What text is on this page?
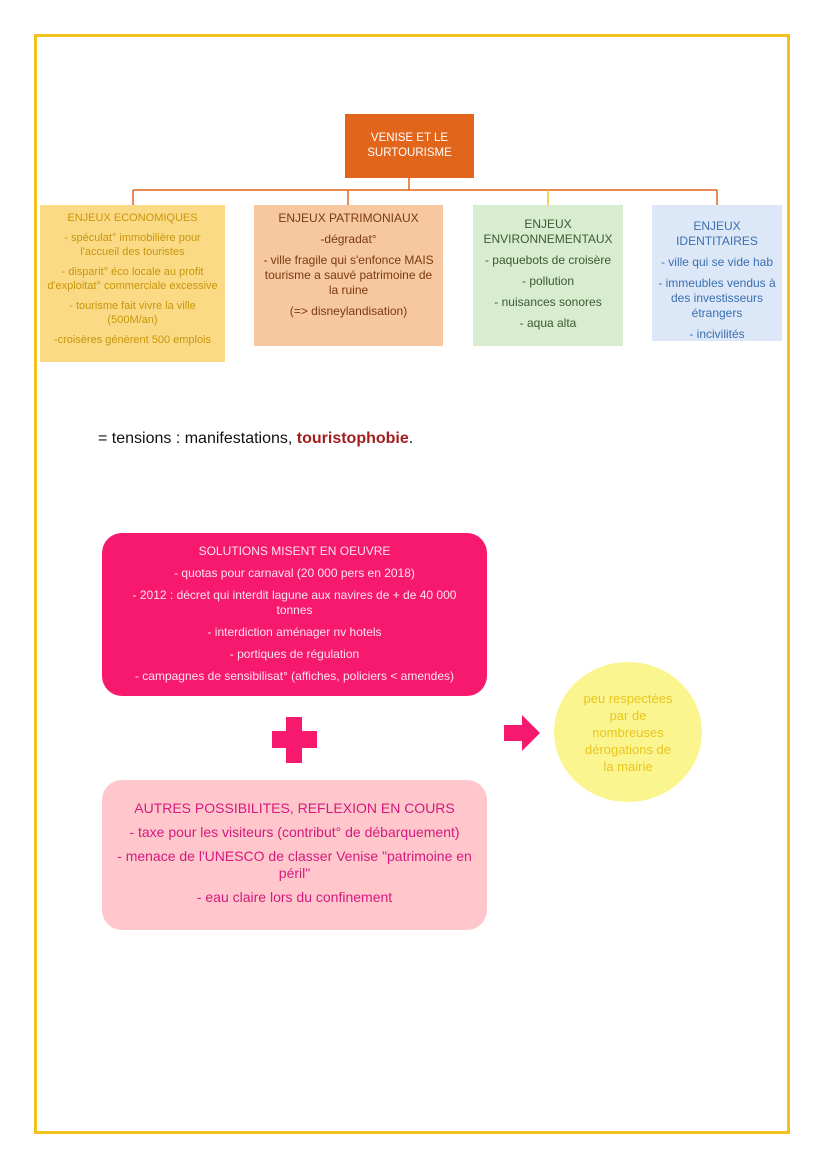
VENISE ET LE
SURTOURISME
ENJEUX ECONOMIQUES
- spéculat° immobilière pour l'accueil des touristes
- disparit° éco locale au profit d'exploitat° commerciale excessive
- tourisme fait vivre la ville (500M/an)
-croisères génèrent 500 emplois
ENJEUX PATRIMONIAUX
-dégradat°
- ville fragile qui s'enfonce MAIS tourisme a sauvé patrimoine de la ruine
(=> disneylandisation)
ENJEUX ENVIRONNEMENTAUX
- paquebots de croisère
- pollution
- nuisances sonores
- aqua alta
ENJEUX IDENTITAIRES
- ville qui se vide hab
- immeubles vendus à des investisseurs étrangers
- incivilités
= tensions : manifestations, touristophobie.
SOLUTIONS MISENT EN OEUVRE
- quotas pour carnaval (20 000 pers en 2018)
- 2012 : décret qui interdit lagune aux navires de + de 40 000 tonnes
- interdiction aménager nv hotels
- portiques de régulation
- campagnes de sensibilisat° (affiches, policiers < amendes)
peu respectées
par de
nombreuses
dérogations de
la mairie
AUTRES POSSIBILITES, REFLEXION EN COURS
- taxe pour les visiteurs (contribut° de débarquement)
- menace de l'UNESCO de classer Venise "patrimoine en péril"
- eau claire lors du confinement
